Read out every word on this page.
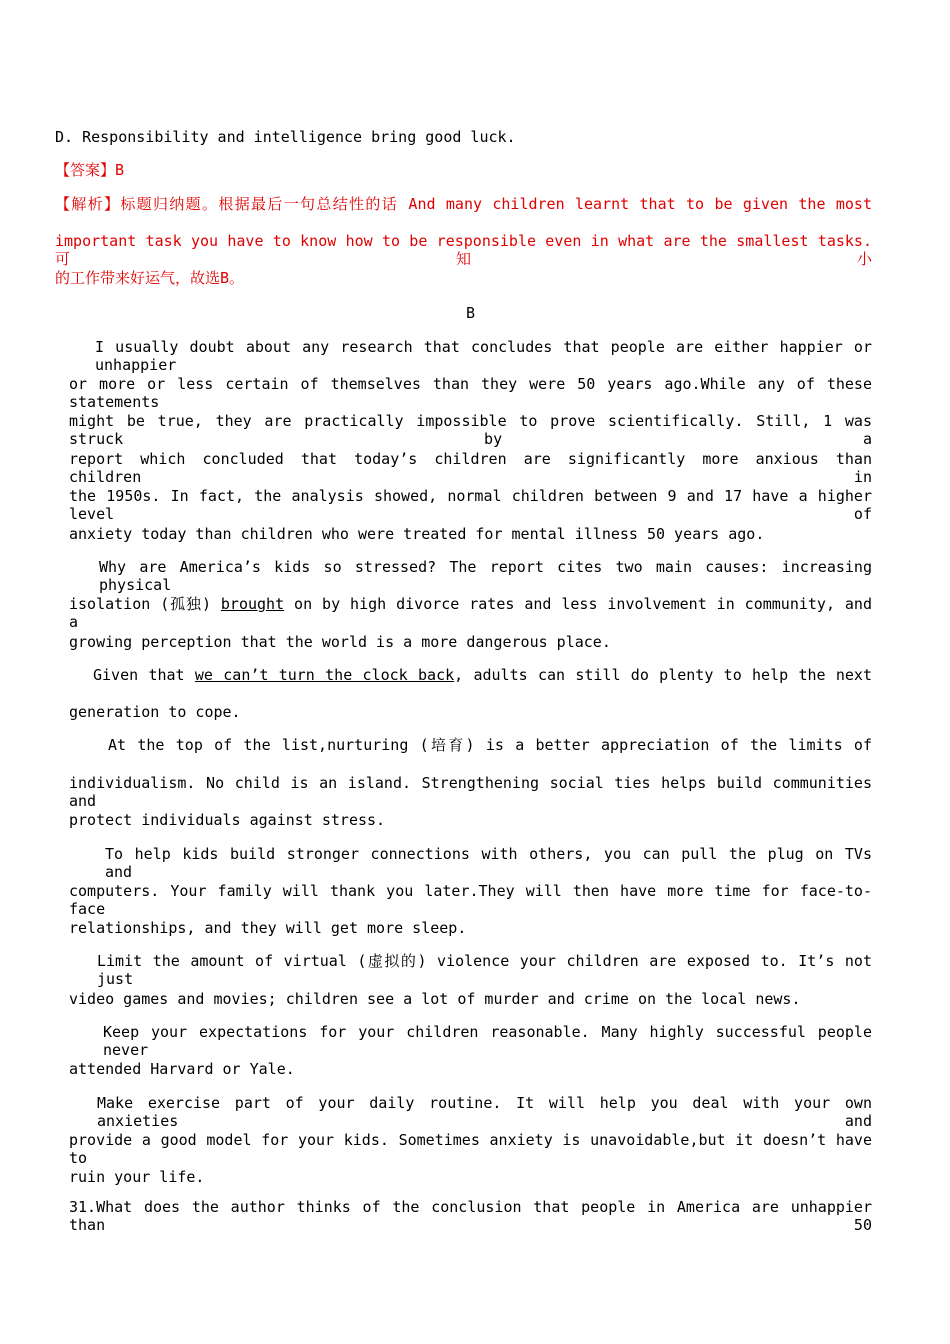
D. Responsibility and intelligence bring good luck.
【答案】B
【解析】标题归纳题。根据最后一句总结性的话 And many children learnt that to be given the most
important task you have to know how to be responsible even in what are the smallest tasks. 可知小
的工作带来好运气，故选B。
B
I usually doubt about any research that concludes that people are either happier or unhappier
or more or less certain of themselves than they were 50 years ago.While any of these statements
might be true, they are practically impossible to prove scientifically. Still, 1 was struck by a
report which concluded that today’s children are significantly more anxious than children in
the 1950s. In fact, the analysis showed, normal children between 9 and 17 have a higher level of
anxiety today than children who were treated for mental illness 50 years ago.
Why are America’s kids so stressed? The report cites two main causes: increasing physical
isolation (孤独) brought on by high divorce rates and less involvement in community, and a
growing perception that the world is a more dangerous place.
Given that we can’t turn the clock back, adults can still do plenty to help the next
generation to cope.
At the top of the list,nurturing (培育) is a better appreciation of the limits of
individualism. No child is an island. Strengthening social ties helps build communities and
protect individuals against stress.
To help kids build stronger connections with others, you can pull the plug on TVs and
computers. Your family will thank you later.They will then have more time for face-to-face
relationships, and they will get more sleep.
Limit the amount of virtual (虚拟的) violence your children are exposed to. It’s not just
video games and movies; children see a lot of murder and crime on the local news.
Keep your expectations for your children reasonable. Many highly successful people never
attended Harvard or Yale.
Make exercise part of your daily routine. It will help you deal with your own anxieties and
provide a good model for your kids. Sometimes anxiety is unavoidable,but it doesn’t have to
ruin your life.
31.What does the author thinks of the conclusion that people in America are unhappier than 50
